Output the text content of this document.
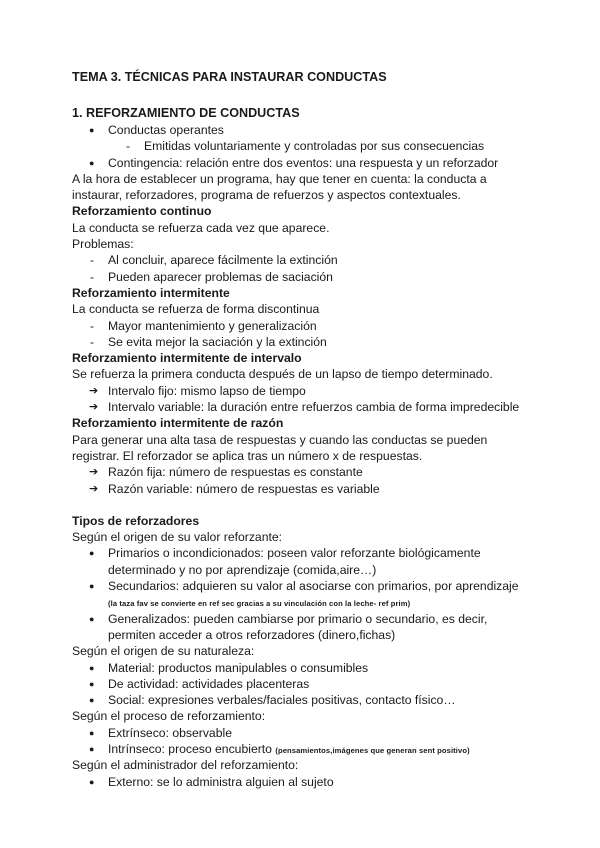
TEMA 3. TÉCNICAS PARA INSTAURAR CONDUCTAS
1. REFORZAMIENTO DE CONDUCTAS
● Conductas operantes
- Emitidas voluntariamente y controladas por sus consecuencias
● Contingencia: relación entre dos eventos: una respuesta y un reforzador
A la hora de establecer un programa, hay que tener en cuenta: la conducta a
instaurar, reforzadores, programa de refuerzos y aspectos contextuales.
Reforzamiento continuo
La conducta se refuerza cada vez que aparece.
Problemas:
- Al concluir, aparece fácilmente la extinción
- Pueden aparecer problemas de saciación
Reforzamiento intermitente
La conducta se refuerza de forma discontinua
- Mayor mantenimiento y generalización
- Se evita mejor la saciación y la extinción
Reforzamiento intermitente de intervalo
Se refuerza la primera conducta después de un lapso de tiempo determinado.
➔ Intervalo fijo: mismo lapso de tiempo
➔ Intervalo variable: la duración entre refuerzos cambia de forma impredecible
Reforzamiento intermitente de razón
Para generar una alta tasa de respuestas y cuando las conductas se pueden
registrar. El reforzador se aplica tras un número x de respuestas.
➔ Razón fija: número de respuestas es constante
➔ Razón variable: número de respuestas es variable
Tipos de reforzadores
Según el origen de su valor reforzante:
● Primarios o incondicionados: poseen valor reforzante biológicamente
determinado y no por aprendizaje (comida,aire…)
● Secundarios: adquieren su valor al asociarse con primarios, por aprendizaje
(la taza fav se convierte en ref sec gracias a su vinculación con la leche- ref prim)
● Generalizados: pueden cambiarse por primario o secundario, es decir,
permiten acceder a otros reforzadores (dinero,fichas)
Según el origen de su naturaleza:
● Material: productos manipulables o consumibles
● De actividad: actividades placenteras
● Social: expresiones verbales/faciales positivas, contacto físico…
Según el proceso de reforzamiento:
● Extrínseco: observable
● Intrínseco: proceso encubierto (pensamientos,imágenes que generan sent positivo)
Según el administrador del reforzamiento:
● Externo: se lo administra alguien al sujeto
